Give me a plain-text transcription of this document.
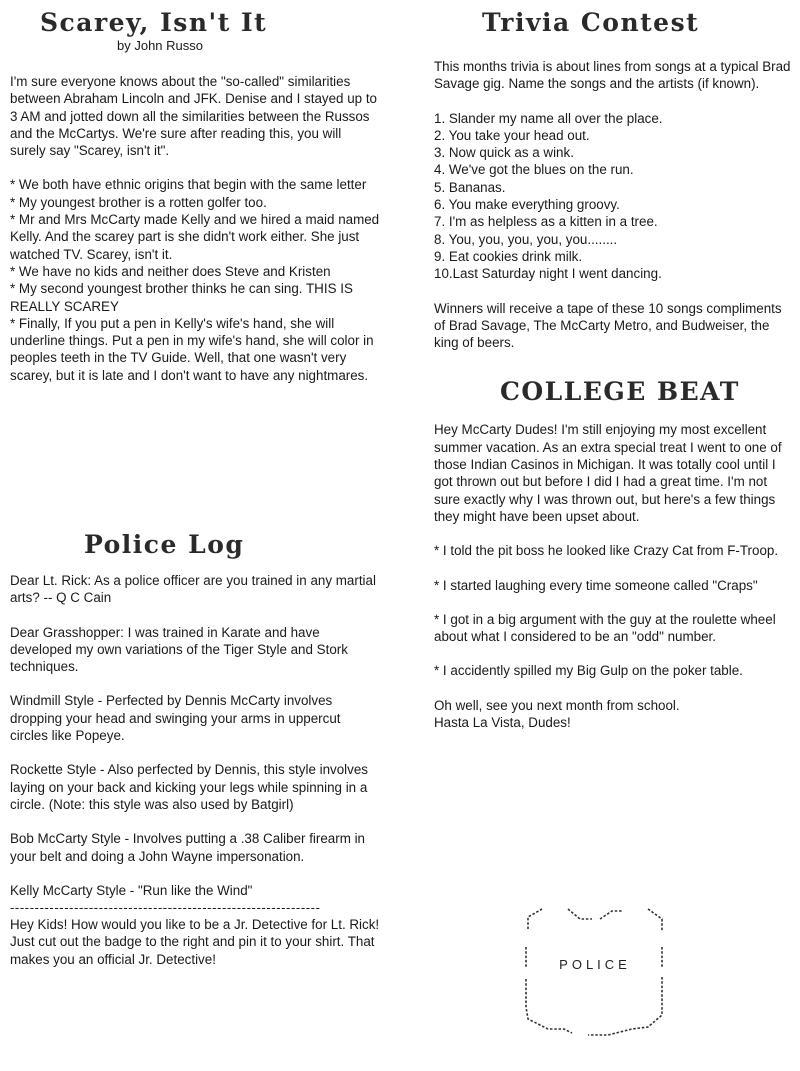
Scarey, Isn't It
by John Russo

I'm sure everyone knows about the "so-called" similarities between Abraham Lincoln and JFK. Denise and I stayed up to 3 AM and jotted down all the similarities between the Russos and the McCartys. We're sure after reading this, you will surely say "Scarey, isn't it".

* We both have ethnic origins that begin with the same letter
* My youngest brother is a rotten golfer too.
* Mr and Mrs McCarty made Kelly and we hired a maid named Kelly. And the scarey part is she didn't work either. She just watched TV. Scarey, isn't it.
* We have no kids and neither does Steve and Kristen
* My second youngest brother thinks he can sing. THIS IS REALLY SCAREY
* Finally, If you put a pen in Kelly's wife's hand, she will underline things. Put a pen in my wife's hand, she will color in peoples teeth in the TV Guide. Well, that one wasn't very scarey, but it is late and I don't want to have any nightmares.
Police Log

Dear Lt. Rick: As a police officer are you trained in any martial arts? -- Q C Cain

Dear Grasshopper: I was trained in Karate and have developed my own variations of the Tiger Style and Stork techniques.

Windmill Style - Perfected by Dennis McCarty involves dropping your head and swinging your arms in uppercut circles like Popeye.

Rockette Style - Also perfected by Dennis, this style involves laying on your back and kicking your legs while spinning in a circle. (Note: this style was also used by Batgirl)

Bob McCarty Style - Involves putting a .38 Caliber firearm in your belt and doing a John Wayne impersonation.

Kelly McCarty Style - "Run like the Wind"

---------------------------------------------------------------
Hey Kids! How would you like to be a Jr. Detective for Lt. Rick!
Just cut out the badge to the right and pin it to your shirt. That makes you an official Jr. Detective!
Trivia Contest

This months trivia is about lines from songs at a typical Brad Savage gig. Name the songs and the artists (if known).

1. Slander my name all over the place.
2. You take your head out.
3. Now quick as a wink.
4. We've got the blues on the run.
5. Bananas.
6. You make everything groovy.
7. I'm as helpless as a kitten in a tree.
8. You, you, you, you, you........
9. Eat cookies drink milk.
10.Last Saturday night I went dancing.

Winners will receive a tape of these 10 songs compliments of Brad Savage, The McCarty Metro, and Budweiser, the king of beers.

COLLEGE BEAT

Hey McCarty Dudes! I'm still enjoying my most excellent summer vacation. As an extra special treat I went to one of those Indian Casinos in Michigan. It was totally cool until I got thrown out but before I did I had a great time. I'm not sure exactly why I was thrown out, but here's a few things they might have been upset about.

* I told the pit boss he looked like Crazy Cat from F-Troop.

* I started laughing every time someone called "Craps"

* I got in a big argument with the guy at the roulette wheel about what I considered to be an "odd" number.

* I accidently spilled my Big Gulp on the poker table.

Oh well, see you next month from school.
Hasta La Vista, Dudes!
POLICE
